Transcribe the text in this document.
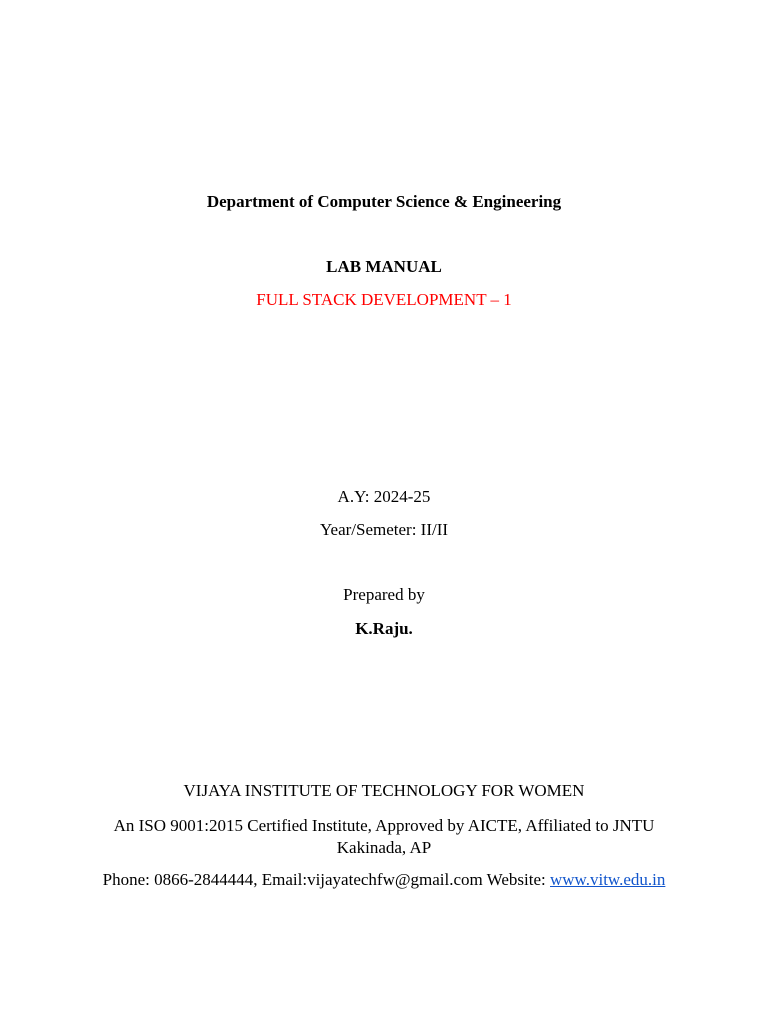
Department of Computer Science & Engineering
LAB MANUAL
FULL STACK DEVELOPMENT – 1
A.Y: 2024-25
Year/Semeter: II/II
Prepared by
K.Raju.
VIJAYA INSTITUTE OF TECHNOLOGY FOR WOMEN
An ISO 9001:2015 Certified Institute, Approved by AICTE, Affiliated to JNTU Kakinada, AP
Phone: 0866-2844444, Email:vijayatechfw@gmail.com Website: www.vitw.edu.in
